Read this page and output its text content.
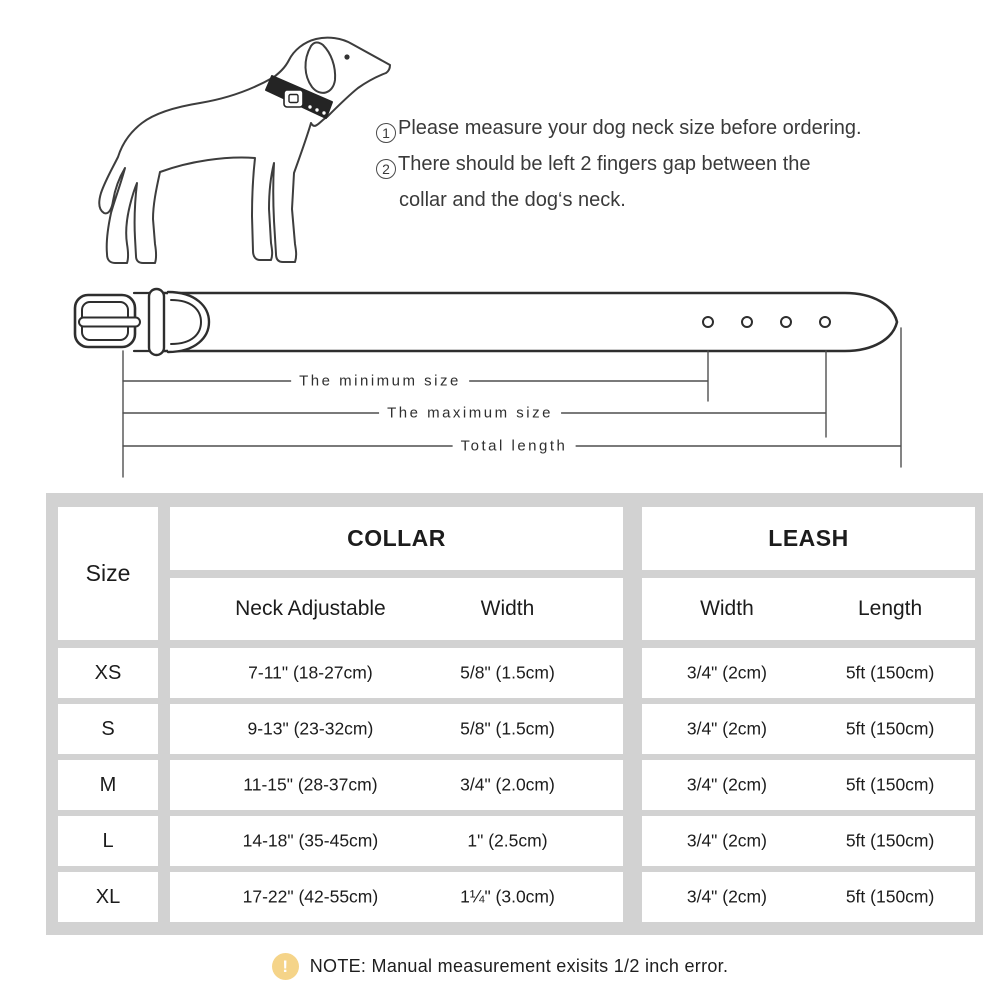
1 Please measure your dog neck size before ordering.
2 There should be left 2 fingers gap between the
collar and the dog‘s neck.
The minimum size
The maximum size
Total length
Size
COLLAR
Neck Adjustable	Width
LEASH
Width	Length
XS	7-11" (18-27cm)	5/8" (1.5cm)	3/4" (2cm)	5ft (150cm)
S	9-13" (23-32cm)	5/8" (1.5cm)	3/4" (2cm)	5ft (150cm)
M	11-15" (28-37cm)	3/4" (2.0cm)	3/4" (2cm)	5ft (150cm)
L	14-18" (35-45cm)	1" (2.5cm)	3/4" (2cm)	5ft (150cm)
XL	17-22" (42-55cm)	1¼" (3.0cm)	3/4" (2cm)	5ft (150cm)
!	NOTE: Manual measurement exisits 1/2 inch error.
